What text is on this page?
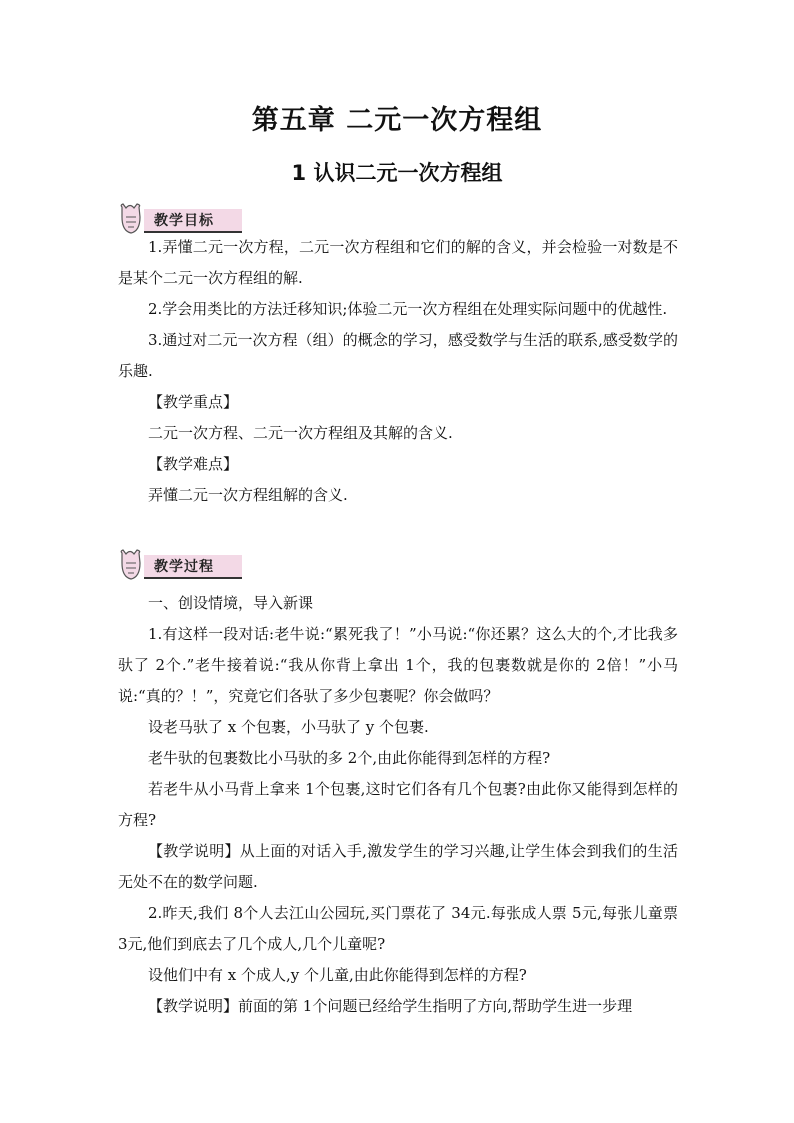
第五章 二元一次方程组
1 认识二元一次方程组
教学目标

1.弄懂二元一次方程，二元一次方程组和它们的解的含义，并会检验一对数是不是某个二元一次方程组的解.

2.学会用类比的方法迁移知识;体验二元一次方程组在处理实际问题中的优越性.

3.通过对二元一次方程（组）的概念的学习，感受数学与生活的联系,感受数学的乐趣.

【教学重点】

二元一次方程、二元一次方程组及其解的含义.

【教学难点】

弄懂二元一次方程组解的含义.

教学过程

一、创设情境，导入新课

1.有这样一段对话:老牛说:“累死我了！”小马说:“你还累？这么大的个,才比我多驮了 2个.”老牛接着说:“我从你背上拿出 1个，我的包裹数就是你的 2倍！”小马说:“真的？！”，究竟它们各驮了多少包裹呢？你会做吗？

设老马驮了 x 个包裹，小马驮了 y 个包裹.

老牛驮的包裹数比小马驮的多 2个,由此你能得到怎样的方程?

若老牛从小马背上拿来 1个包裹,这时它们各有几个包裹?由此你又能得到怎样的方程?

【教学说明】从上面的对话入手,激发学生的学习兴趣,让学生体会到我们的生活无处不在的数学问题.

2.昨天,我们 8个人去江山公园玩,买门票花了 34元.每张成人票 5元,每张儿童票 3元,他们到底去了几个成人,几个儿童呢?

设他们中有 x 个成人,y 个儿童,由此你能得到怎样的方程?

【教学说明】前面的第 1个问题已经给学生指明了方向,帮助学生进一步理
